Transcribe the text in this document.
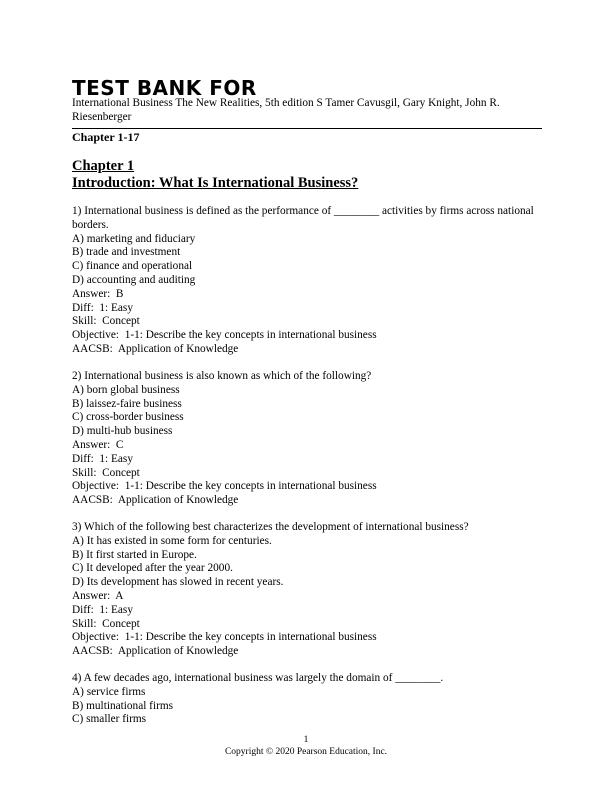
TEST BANK FOR
International Business The New Realities, 5th edition S Tamer Cavusgil, Gary Knight, John R. Riesenberger
Chapter 1-17
Chapter 1
Introduction: What Is International Business?
1) International business is defined as the performance of ________ activities by firms across national borders.
A) marketing and fiduciary
B) trade and investment
C) finance and operational
D) accounting and auditing
Answer:  B
Diff:  1: Easy
Skill:  Concept
Objective:  1-1: Describe the key concepts in international business
AACSB:  Application of Knowledge
2) International business is also known as which of the following?
A) born global business
B) laissez-faire business
C) cross-border business
D) multi-hub business
Answer:  C
Diff:  1: Easy
Skill:  Concept
Objective:  1-1: Describe the key concepts in international business
AACSB:  Application of Knowledge
3) Which of the following best characterizes the development of international business?
A) It has existed in some form for centuries.
B) It first started in Europe.
C) It developed after the year 2000.
D) Its development has slowed in recent years.
Answer:  A
Diff:  1: Easy
Skill:  Concept
Objective:  1-1: Describe the key concepts in international business
AACSB:  Application of Knowledge
4) A few decades ago, international business was largely the domain of ________.
A) service firms
B) multinational firms
C) smaller firms
1
Copyright © 2020 Pearson Education, Inc.
